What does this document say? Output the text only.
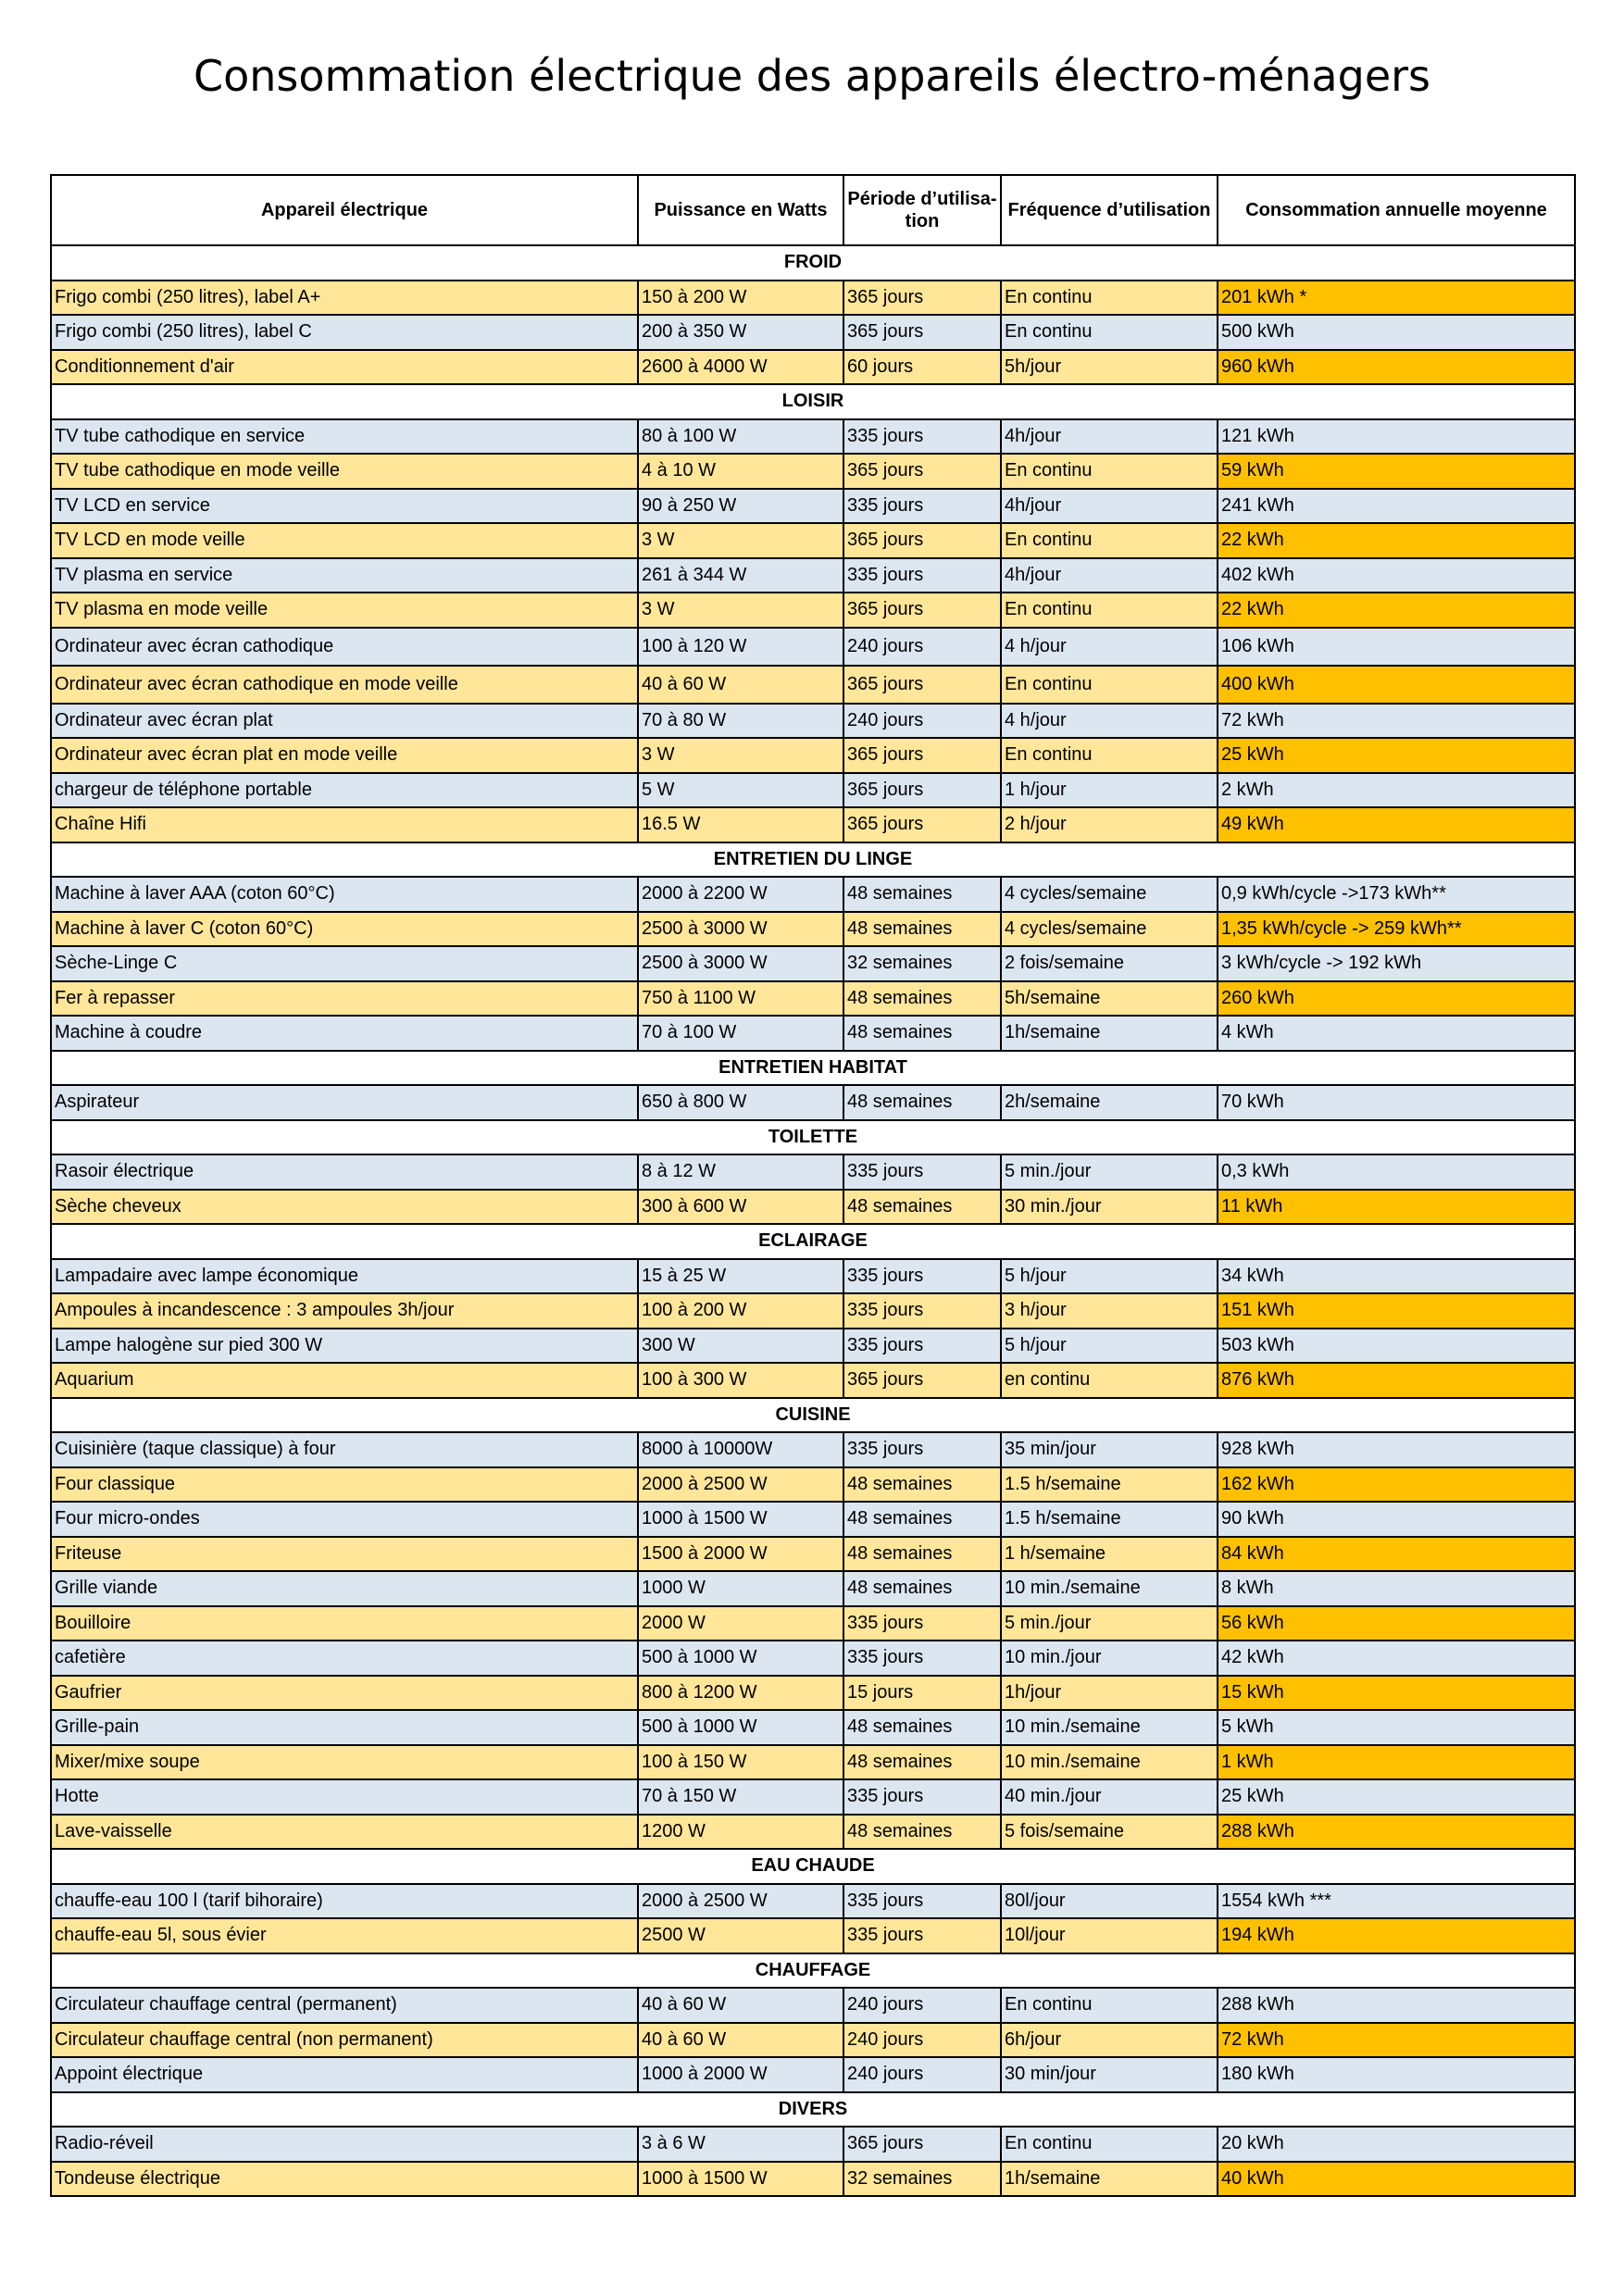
Consommation électrique des appareils électro-ménagers
Appareil électrique	Puissance en Watts	Période d’utilisa-tion	Fréquence d’utilisation	Consommation annuelle moyenne
FROID				
Frigo combi (250 litres), label A+	150 à 200 W	365 jours	En continu	201 kWh *
Frigo combi (250 litres), label C	200 à 350 W	365 jours	En continu	500 kWh
Conditionnement d'air	2600 à 4000 W	60 jours	5h/jour	960 kWh
LOISIR				
TV tube cathodique en service	80 à 100 W	335 jours	4h/jour	121 kWh
TV tube cathodique en mode veille	4 à 10 W	365 jours	En continu	59 kWh
TV LCD en service	90 à 250 W	335 jours	4h/jour	241 kWh
TV LCD en mode veille	3 W	365 jours	En continu	22 kWh
TV plasma en service	261 à 344 W	335 jours	4h/jour	402 kWh
TV plasma en mode veille	3 W	365 jours	En continu	22 kWh
Ordinateur avec écran cathodique	100 à 120 W	240 jours	4 h/jour	106 kWh
Ordinateur avec écran cathodique en mode veille	40 à 60 W	365 jours	En continu	400 kWh
Ordinateur avec écran plat	70 à 80 W	240 jours	4 h/jour	72 kWh
Ordinateur avec écran plat en mode veille	3 W	365 jours	En continu	25 kWh
chargeur de téléphone portable	5 W	365 jours	1 h/jour	2 kWh
Chaîne Hifi	16.5 W	365 jours	2 h/jour	49 kWh
ENTRETIEN DU LINGE				
Machine à laver AAA (coton 60°C)	2000 à 2200 W	48 semaines	4 cycles/semaine	0,9 kWh/cycle ->173 kWh**
Machine à laver C (coton 60°C)	2500 à 3000 W	48 semaines	4 cycles/semaine	1,35 kWh/cycle -> 259 kWh**
Sèche-Linge C	2500 à 3000 W	32 semaines	2 fois/semaine	3 kWh/cycle -> 192 kWh
Fer à repasser	750 à 1100 W	48 semaines	5h/semaine	260 kWh
Machine à coudre	70 à 100 W	48 semaines	1h/semaine	4 kWh
ENTRETIEN HABITAT				
Aspirateur	650 à 800 W	48 semaines	2h/semaine	70 kWh
TOILETTE				
Rasoir électrique	8 à 12 W	335 jours	5 min./jour	0,3 kWh
Sèche cheveux	300 à 600 W	48 semaines	30 min./jour	11 kWh
ECLAIRAGE				
Lampadaire avec lampe économique	15 à 25 W	335 jours	5 h/jour	34 kWh
Ampoules à incandescence : 3 ampoules 3h/jour	100 à 200 W	335 jours	3 h/jour	151 kWh
Lampe halogène sur pied 300 W	300 W	335 jours	5 h/jour	503 kWh
Aquarium	100 à 300 W	365 jours	en continu	876 kWh
CUISINE				
Cuisinière (taque classique) à four	8000 à 10000W	335 jours	35 min/jour	928 kWh
Four classique	2000 à 2500 W	48 semaines	1.5 h/semaine	162 kWh
Four micro-ondes	1000 à 1500 W	48 semaines	1.5 h/semaine	90 kWh
Friteuse	1500 à 2000 W	48 semaines	1 h/semaine	84 kWh
Grille viande	1000 W	48 semaines	10 min./semaine	8 kWh
Bouilloire	2000 W	335 jours	5 min./jour	56 kWh
cafetière	500 à 1000 W	335 jours	10 min./jour	42 kWh
Gaufrier	800 à 1200 W	15 jours	1h/jour	15 kWh
Grille-pain	500 à 1000 W	48 semaines	10 min./semaine	5 kWh
Mixer/mixe soupe	100 à 150 W	48 semaines	10 min./semaine	1 kWh
Hotte	70 à 150 W	335 jours	40 min./jour	25 kWh
Lave-vaisselle	1200 W	48 semaines	5 fois/semaine	288 kWh
EAU CHAUDE				
chauffe-eau 100 l (tarif bihoraire)	2000 à 2500 W	335 jours	80l/jour	1554 kWh ***
chauffe-eau 5l, sous évier	2500 W	335 jours	10l/jour	194 kWh
CHAUFFAGE				
Circulateur chauffage central (permanent)	40 à 60 W	240 jours	En continu	288 kWh
Circulateur chauffage central (non permanent)	40 à 60 W	240 jours	6h/jour	72 kWh
Appoint électrique	1000 à 2000 W	240 jours	30 min/jour	180 kWh
DIVERS				
Radio-réveil	3 à 6 W	365 jours	En continu	20 kWh
Tondeuse électrique	1000 à 1500 W	32 semaines	1h/semaine	40 kWh
